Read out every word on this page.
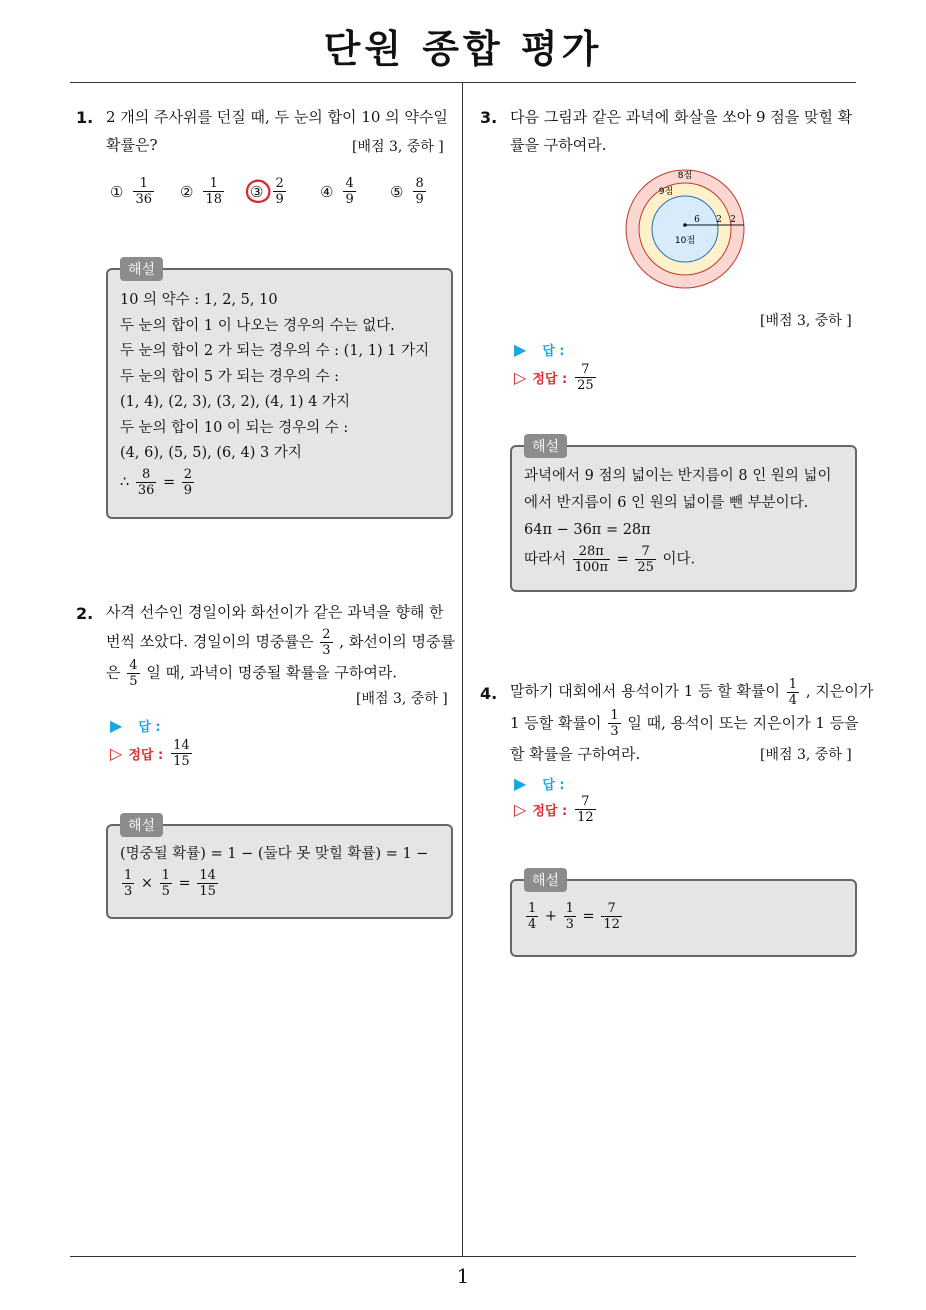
단원 종합 평가
1
1. 2 개의 주사위를 던질 때, 두 눈의 합이 10 의 약수일
확률은?	[배점 3, 중하 ]
① $\frac{1}{36}$ ② $\frac{1}{18}$ ③ $\frac{2}{9}$ ④ $\frac{4}{9}$ ⑤ $\frac{8}{9}$
해설
10 의 약수 : 1, 2, 5, 10
두 눈의 합이 1 이 나오는 경우의 수는 없다.
두 눈의 합이 2 가 되는 경우의 수 : (1, 1) 1 가지
두 눈의 합이 5 가 되는 경우의 수 :
(1, 4), (2, 3), (3, 2), (4, 1) 4 가지
두 눈의 합이 10 이 되는 경우의 수 :
(4, 6), (5, 5), (6, 4) 3 가지
∴ $\frac{8}{36} = \frac{2}{9}$
2. 사격 선수인 경일이와 화선이가 같은 과녁을 향해 한
번씩 쏘았다. 경일이의 명중률은 $\frac{2}{3}$ , 화선이의 명중률
은 $\frac{4}{5}$ 일 때, 과녁이 명중될 확률을 구하여라.
[배점 3, 중하 ]
▶ 답 :
▷ 정답 : $\frac{14}{15}$
해설
(명중될 확률) = 1 − (둘다 못 맞힐 확률) = 1 −
$\frac{1}{3} \times \frac{1}{5} = \frac{14}{15}$
3. 다음 그림과 같은 과녁에 화살을 쏘아 9 점을 맞힐 확
률을 구하여라.
8점
9점
10점
6 2 2
[배점 3, 중하 ]
▶ 답 :
▷ 정답 : $\frac{7}{25}$
해설
과녁에서 9 점의 넓이는 반지름이 8 인 원의 넓이
에서 반지름이 6 인 원의 넓이를 뺀 부분이다.
64π − 36π = 28π
따라서 $\frac{28\pi}{100\pi} = \frac{7}{25}$ 이다.
4. 말하기 대회에서 용석이가 1 등 할 확률이 $\frac{1}{4}$ , 지은이가
1 등할 확률이 $\frac{1}{3}$ 일 때, 용석이 또는 지은이가 1 등을
할 확률을 구하여라.	[배점 3, 중하 ]
▶ 답 :
▷ 정답 : $\frac{7}{12}$
해설
$\frac{1}{4} + \frac{1}{3} = \frac{7}{12}$
